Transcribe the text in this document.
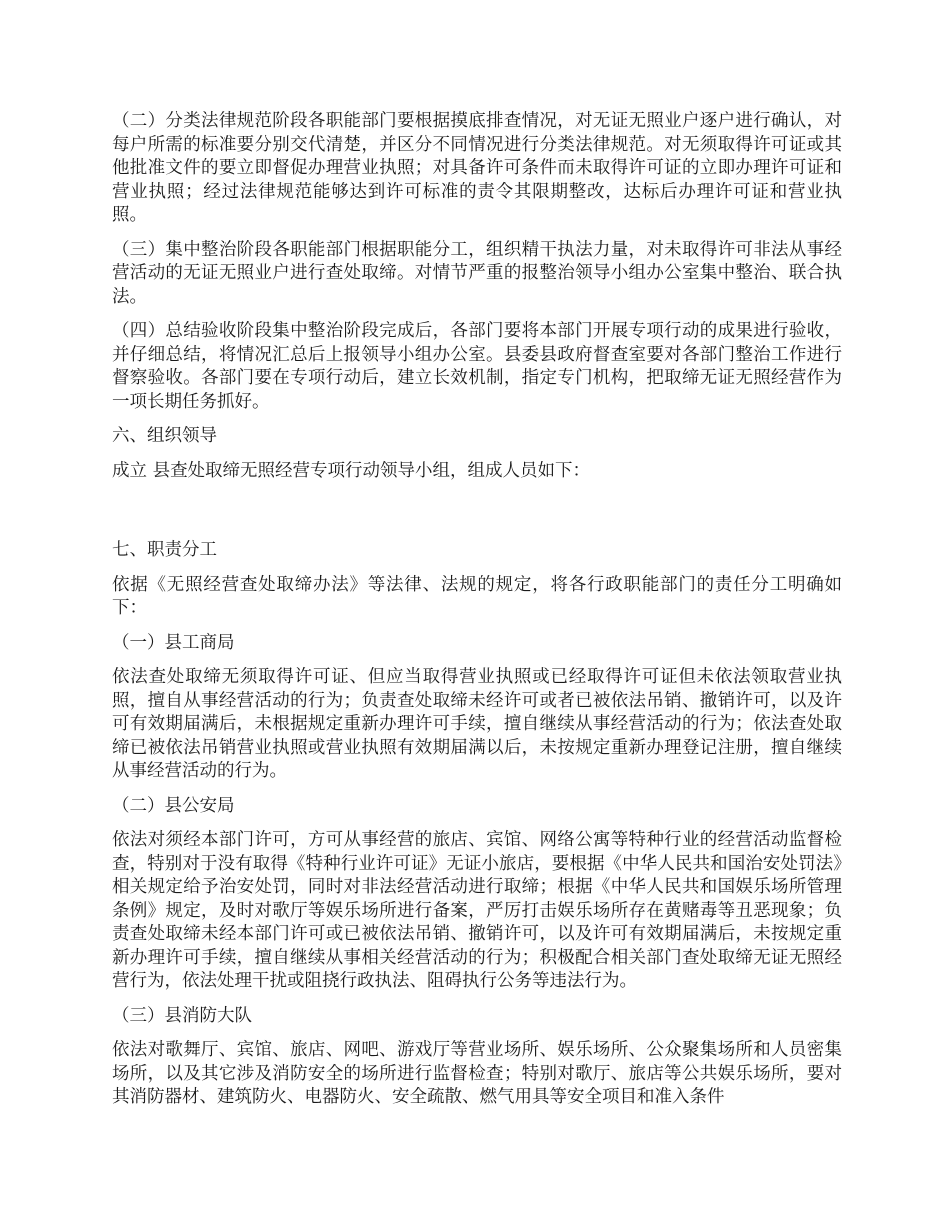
（二）分类法律规范阶段各职能部门要根据摸底排查情况，对无证无照业户逐户进行确认，对每户所需的标准要分别交代清楚，并区分不同情况进行分类法律规范。对无须取得许可证或其他批准文件的要立即督促办理营业执照；对具备许可条件而未取得许可证的立即办理许可证和营业执照；经过法律规范能够达到许可标准的责令其限期整改，达标后办理许可证和营业执照。

（三）集中整治阶段各职能部门根据职能分工，组织精干执法力量，对未取得许可非法从事经营活动的无证无照业户进行查处取缔。对情节严重的报整治领导小组办公室集中整治、联合执法。

（四）总结验收阶段集中整治阶段完成后，各部门要将本部门开展专项行动的成果进行验收，并仔细总结，将情况汇总后上报领导小组办公室。县委县政府督查室要对各部门整治工作进行督察验收。各部门要在专项行动后，建立长效机制，指定专门机构，把取缔无证无照经营作为一项长期任务抓好。

六、组织领导

成立 县查处取缔无照经营专项行动领导小组，组成人员如下：

七、职责分工

依据《无照经营查处取缔办法》等法律、法规的规定，将各行政职能部门的责任分工明确如下：

（一）县工商局

依法查处取缔无须取得许可证、但应当取得营业执照或已经取得许可证但未依法领取营业执照，擅自从事经营活动的行为；负责查处取缔未经许可或者已被依法吊销、撤销许可，以及许可有效期届满后，未根据规定重新办理许可手续，擅自继续从事经营活动的行为；依法查处取缔已被依法吊销营业执照或营业执照有效期届满以后，未按规定重新办理登记注册，擅自继续从事经营活动的行为。

（二）县公安局

依法对须经本部门许可，方可从事经营的旅店、宾馆、网络公寓等特种行业的经营活动监督检查，特别对于没有取得《特种行业许可证》无证小旅店，要根据《中华人民共和国治安处罚法》相关规定给予治安处罚，同时对非法经营活动进行取缔；根据《中华人民共和国娱乐场所管理条例》规定，及时对歌厅等娱乐场所进行备案，严厉打击娱乐场所存在黄赌毒等丑恶现象；负责查处取缔未经本部门许可或已被依法吊销、撤销许可，以及许可有效期届满后，未按规定重新办理许可手续，擅自继续从事相关经营活动的行为；积极配合相关部门查处取缔无证无照经营行为，依法处理干扰或阻挠行政执法、阻碍执行公务等违法行为。

（三）县消防大队

依法对歌舞厅、宾馆、旅店、网吧、游戏厅等营业场所、娱乐场所、公众聚集场所和人员密集场所，以及其它涉及消防安全的场所进行监督检查；特别对歌厅、旅店等公共娱乐场所，要对其消防器材、建筑防火、电器防火、安全疏散、燃气用具等安全项目和准入条件
